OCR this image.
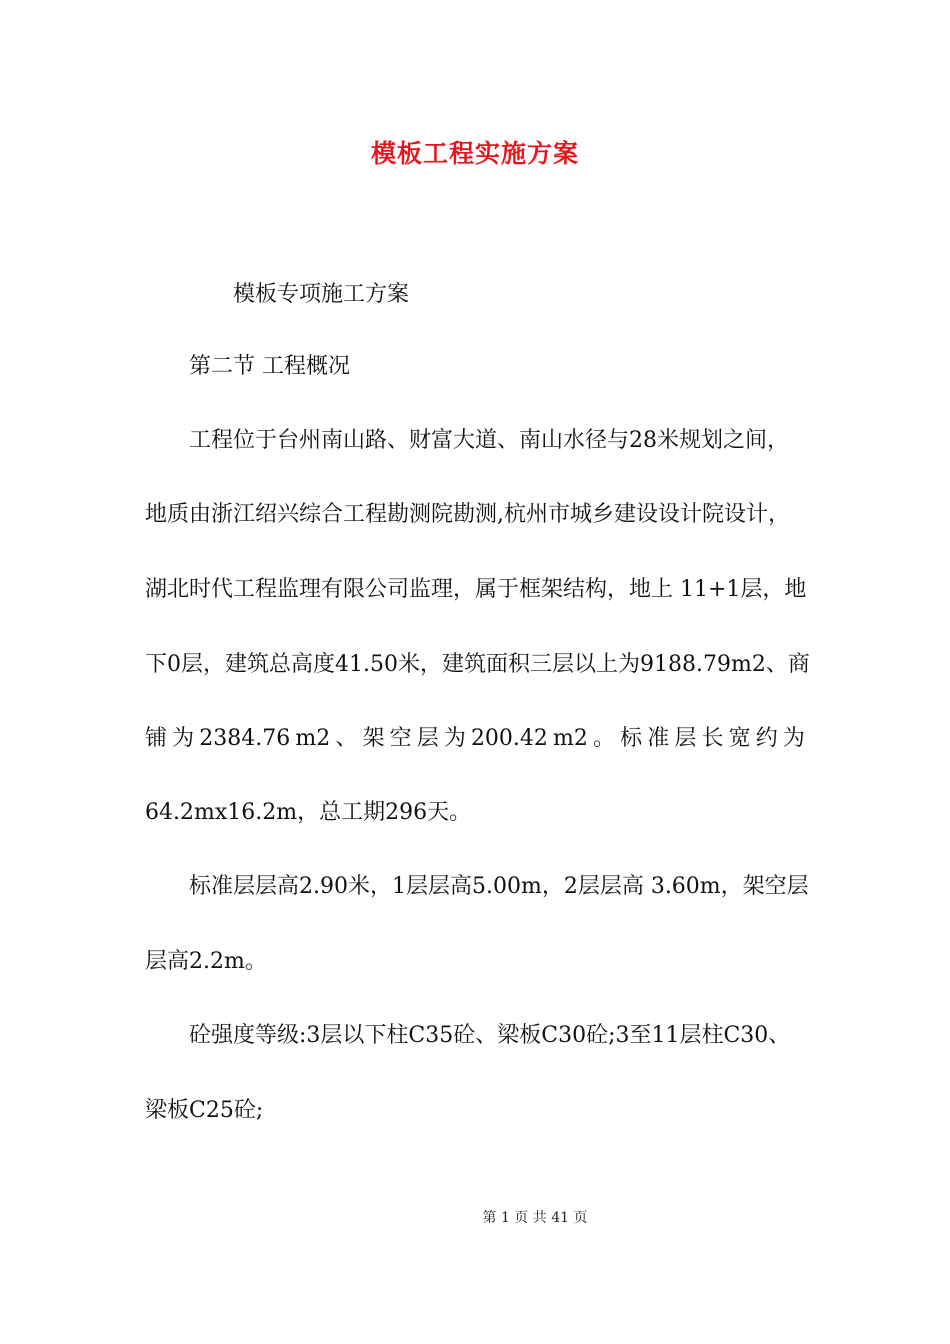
模板工程实施方案
模板专项施工方案
第二节 工程概况
工程位于台州南山路、财富大道、南山水径与28米规划之间，
地质由浙江绍兴综合工程勘测院勘测,杭州市城乡建设设计院设计，
湖北时代工程监理有限公司监理，属于框架结构，地上 11+1层，地
下0层，建筑总高度41.50米，建筑面积三层以上为9188.79m2、商
铺 为 2384.76 m2 、 架 空 层 为 200.42 m2 。 标 准 层 长 宽 约 为
64.2mx16.2m，总工期296天。
标准层层高2.90米，1层层高5.00m，2层层高 3.60m，架空层
层高2.2m。
砼强度等级:3层以下柱C35砼、梁板C30砼;3至11层柱C30、
梁板C25砼;
第 1 页 共 41 页
